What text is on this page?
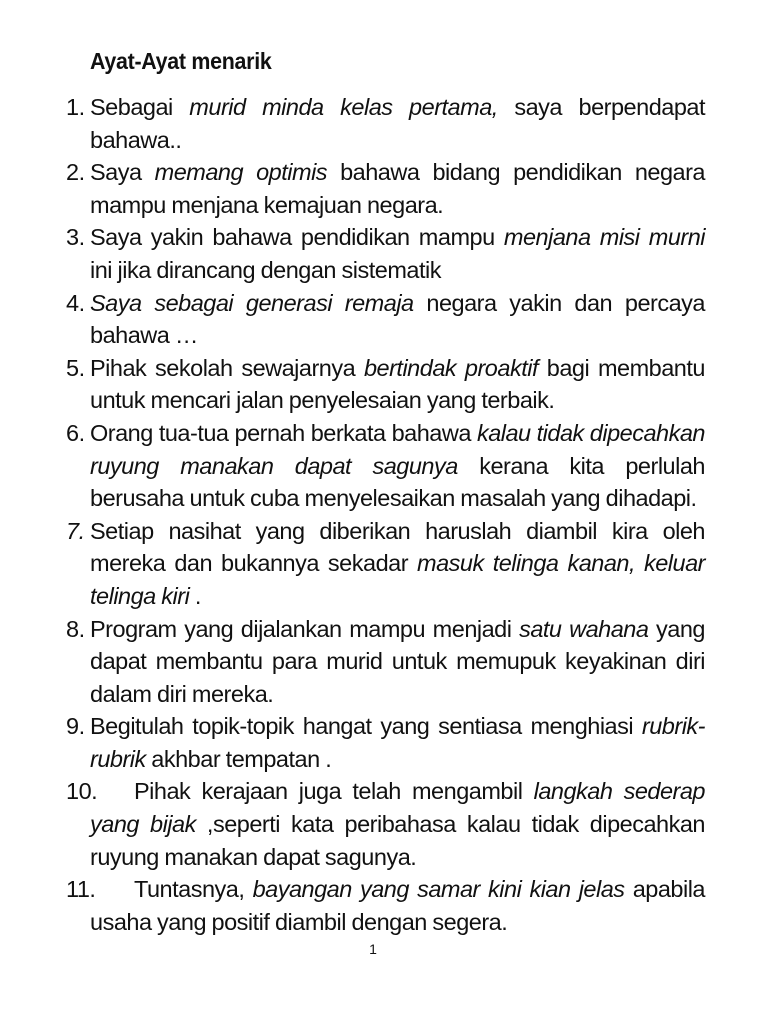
Ayat-Ayat menarik
1. Sebagai murid minda kelas pertama, saya berpendapat bahawa..
2. Saya memang optimis bahawa bidang pendidikan negara mampu menjana kemajuan negara.
3. Saya yakin bahawa pendidikan mampu menjana misi murni ini jika dirancang dengan sistematik
4. Saya sebagai generasi remaja negara yakin dan percaya bahawa …
5. Pihak sekolah sewajarnya bertindak proaktif bagi membantu untuk mencari jalan penyelesaian yang terbaik.
6. Orang tua-tua pernah berkata bahawa kalau tidak dipecahkan ruyung manakan dapat sagunya kerana kita perlulah berusaha untuk cuba menyelesaikan masalah yang dihadapi.
7. Setiap nasihat yang diberikan haruslah diambil kira oleh mereka dan bukannya sekadar masuk telinga kanan, keluar telinga kiri .
8. Program yang dijalankan mampu menjadi satu wahana yang dapat membantu para murid untuk memupuk keyakinan diri dalam diri mereka.
9. Begitulah topik-topik hangat yang sentiasa menghiasi rubrik-rubrik akhbar tempatan .
10. Pihak kerajaan juga telah mengambil langkah sederap yang bijak ,seperti kata peribahasa kalau tidak dipecahkan ruyung manakan dapat sagunya.
11. Tuntasnya, bayangan yang samar kini kian jelas apabila usaha yang positif diambil dengan segera.
1
